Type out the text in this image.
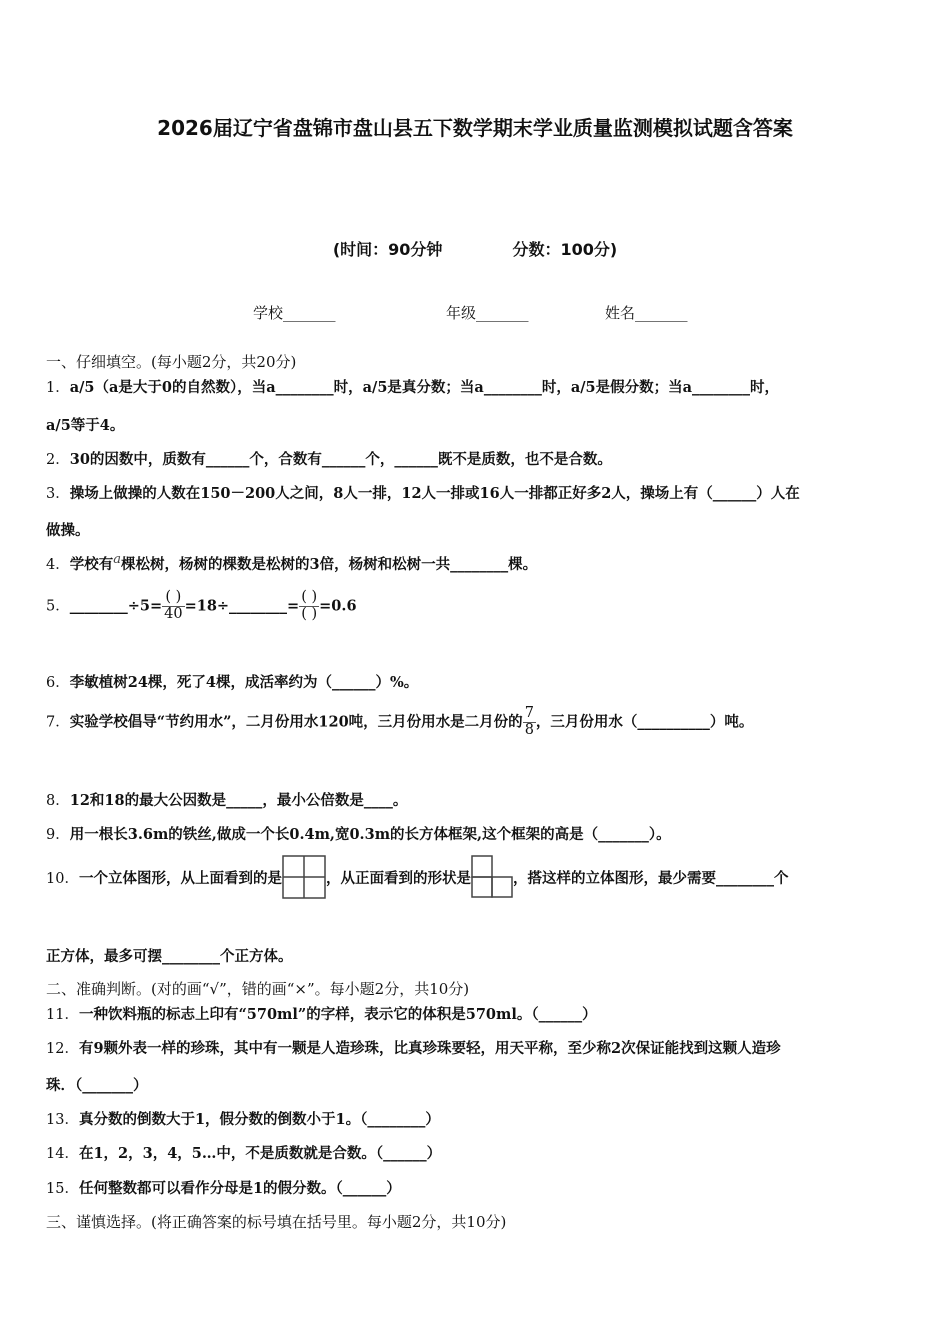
2026届辽宁省盘锦市盘山县五下数学期末学业质量监测模拟试题含答案
(时间：90分钟	分数：100分)
学校_______	年级_______	姓名_______
一、仔细填空。(每小题2分，共20分)
1．a/5（a是大于0的自然数），当a________时，a/5是真分数；当a________时，a/5是假分数；当a________时，
a/5等于4。
2．30的因数中，质数有______个，合数有______个，______既不是质数，也不是合数。
3．操场上做操的人数在150－200人之间，8人一排，12人一排或16人一排都正好多2人，操场上有（______）人在
做操。
4．学校有a棵松树，杨树的棵数是松树的3倍，杨树和松树一共________棵。
5．________÷5= $\frac{( )}{40}$ =18÷________= $\frac{( )}{( )} =0.6$
6．李敏植树24棵，死了4棵，成活率约为（______）%。
7．实验学校倡导“节约用水”，二月份用水120吨，三月份用水是二月份的 $\frac{7}{8}$ ，三月份用水（__________）吨。
8．12和18的最大公因数是_____，最小公倍数是____。
9．用一根长3.6m的铁丝,做成一个长0.4m,宽0.3m的长方体框架,这个框架的高是（_______）。
10．一个立体图形，从上面看到的是	，从正面看到的形状是	，搭这样的立体图形，最少需要________个
正方体，最多可摆________个正方体。
二、准确判断。(对的画“√”，错的画“×”。每小题2分，共10分)
11．一种饮料瓶的标志上印有“570ml”的字样，表示它的体积是570ml。（______）
12．有9颗外表一样的珍珠，其中有一颗是人造珍珠，比真珍珠要轻，用天平称，至少称2次保证能找到这颗人造珍
珠．（_______）
13．真分数的倒数大于1，假分数的倒数小于1。（________）
14．在1，2，3，4，5…中，不是质数就是合数。（______）
15．任何整数都可以看作分母是1的假分数。（______）
三、谨慎选择。(将正确答案的标号填在括号里。每小题2分，共10分)
